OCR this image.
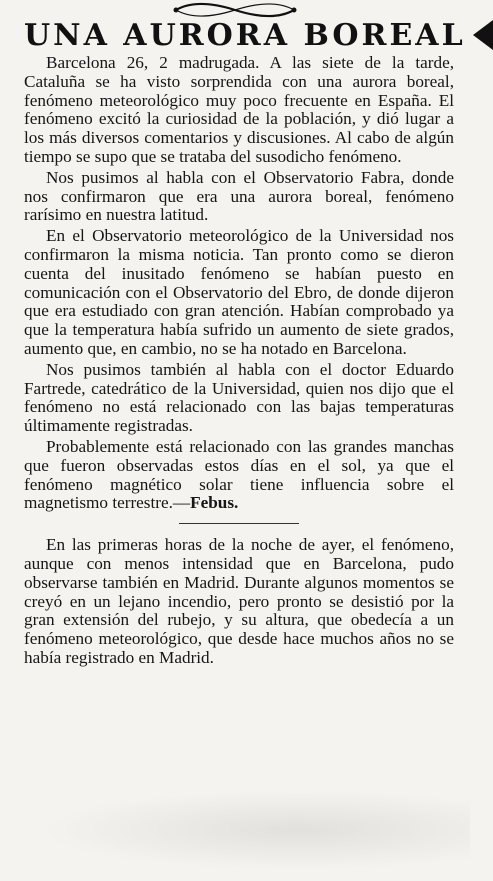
UNA AURORA BOREAL

Barcelona 26, 2 madrugada. A las siete de la tarde, Cataluña se ha visto sorprendida con una aurora boreal, fenómeno meteorológico muy poco frecuente en España. El fenómeno excitó la curiosidad de la población, y dió lugar a los más diversos comentarios y discusiones. Al cabo de algún tiempo se supo que se trataba del susodicho fenómeno.

Nos pusimos al habla con el Observatorio Fabra, donde nos confirmaron que era una aurora boreal, fenómeno rarísimo en nuestra latitud.

En el Observatorio meteorológico de la Universidad nos confirmaron la misma noticia. Tan pronto como se dieron cuenta del inusitado fenómeno se habían puesto en comunicación con el Observatorio del Ebro, de donde dijeron que era estudiado con gran atención. Habían comprobado ya que la temperatura había sufrido un aumento de siete grados, aumento que, en cambio, no se ha notado en Barcelona.

Nos pusimos también al habla con el doctor Eduardo Fartrede, catedrático de la Universidad, quien nos dijo que el fenómeno no está relacionado con las bajas temperaturas últimamente registradas.

Probablemente está relacionado con las grandes manchas que fueron observadas estos días en el sol, ya que el fenómeno magnético solar tiene influencia sobre el magnetismo terrestre.—Febus.

En las primeras horas de la noche de ayer, el fenómeno, aunque con menos intensidad que en Barcelona, pudo observarse también en Madrid. Durante algunos momentos se creyó en un lejano incendio, pero pronto se desistió por la gran extensión del rubejo, y su altura, que obedecía a un fenómeno meteorológico, que desde hace muchos años no se había registrado en Madrid.
